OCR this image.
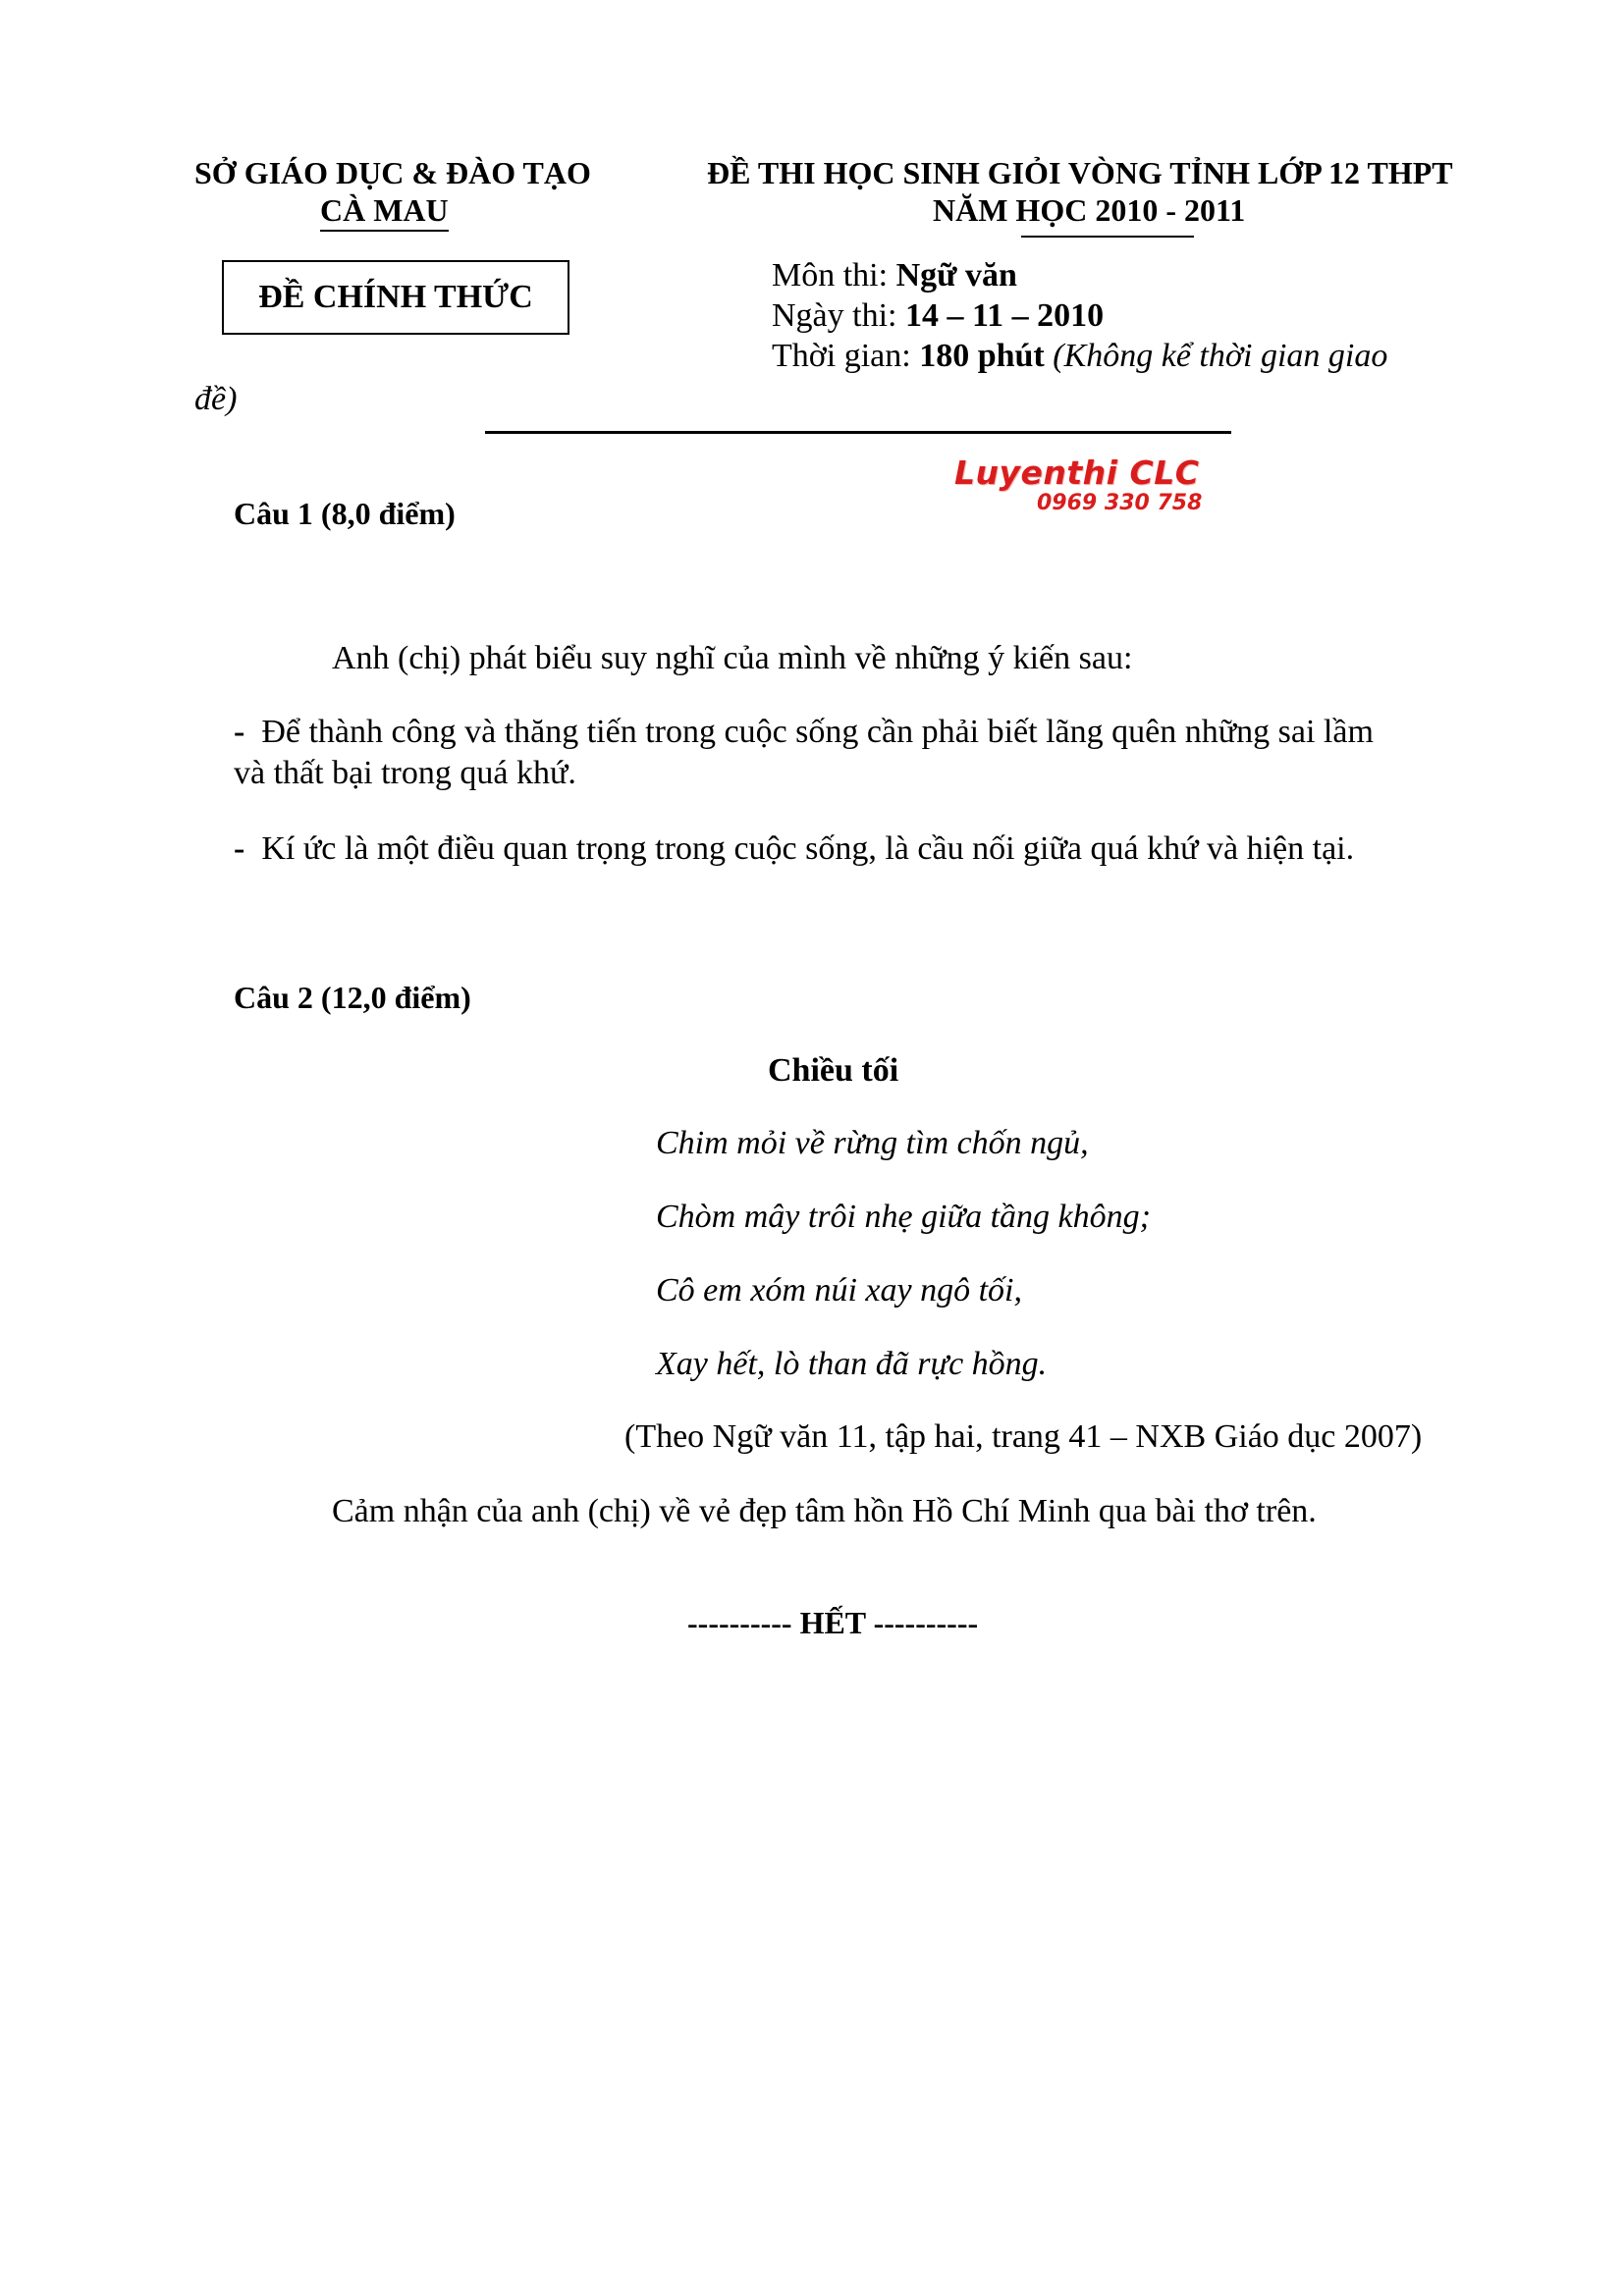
SỞ GIÁO DỤC & ĐÀO TẠO
CÀ MAU
ĐỀ CHÍNH THỨC
ĐỀ THI HỌC SINH GIỎI VÒNG TỈNH LỚP 12 THPT
NĂM HỌC 2010 - 2011
Môn thi: Ngữ văn
Ngày thi: 14 – 11 – 2010
Thời gian: 180 phút (Không kể thời gian giao
đề)
Luyenthi CLC
0969 330 758
Câu 1 (8,0 điểm)
Anh (chị) phát biểu suy nghĩ của mình về những ý kiến sau:
-  Để thành công và thăng tiến trong cuộc sống cần phải biết lãng quên những sai lầm
và thất bại trong quá khứ.
-  Kí ức là một điều quan trọng trong cuộc sống, là cầu nối giữa quá khứ và hiện tại.
Câu 2 (12,0 điểm)
Chiều tối
Chim mỏi về rừng tìm chốn ngủ,
Chòm mây trôi nhẹ giữa tầng không;
Cô em xóm núi xay ngô tối,
Xay hết, lò than đã rực hồng.
(Theo Ngữ văn 11, tập hai, trang 41 – NXB Giáo dục 2007)
Cảm nhận của anh (chị) về vẻ đẹp tâm hồn Hồ Chí Minh qua bài thơ trên.
---------- HẾT ----------
